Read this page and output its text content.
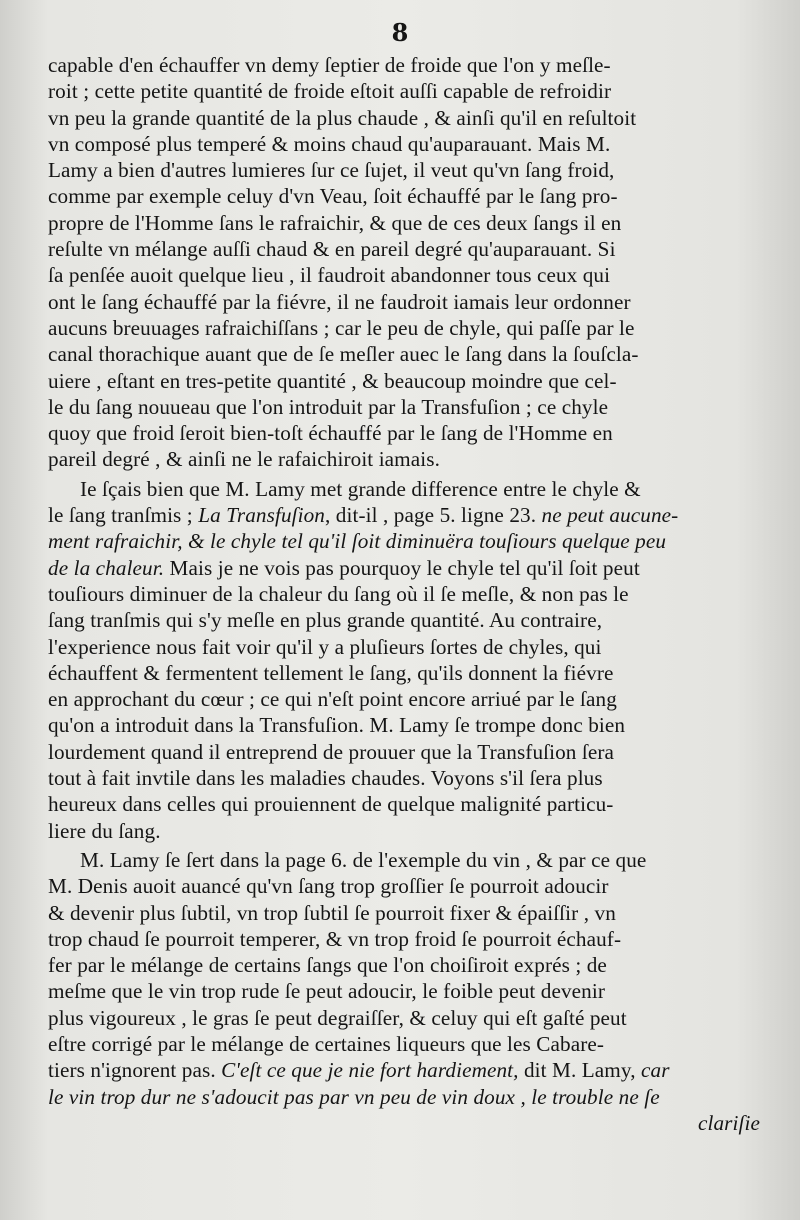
8
capable d'en échauffer vn demy ſeptier de froide que l'on y meſle-
roit ; cette petite quantité de froide eſtoit auſſi capable de refroidir
vn peu la grande quantité de la plus chaude , & ainſi qu'il en reſultoit
vn composé plus temperé & moins chaud qu'auparauant. Mais M.
Lamy a bien d'autres lumieres ſur ce ſujet, il veut qu'vn ſang froid,
comme par exemple celuy d'vn Veau, ſoit échauffé par le ſang pro-
propre de l'Homme ſans le rafraichir, & que de ces deux ſangs il en
reſulte vn mélange auſſi chaud & en pareil degré qu'auparauant. Si
ſa penſée auoit quelque lieu , il faudroit abandonner tous ceux qui
ont le ſang échauffé par la fiévre, il ne faudroit iamais leur ordonner
aucuns breuuages rafraichiſſans ; car le peu de chyle, qui paſſe par le
canal thorachique auant que de ſe meſler auec le ſang dans la ſouſcla-
uiere , eſtant en tres-petite quantité , & beaucoup moindre que cel-
le du ſang nouueau que l'on introduit par la Transfuſion ; ce chyle
quoy que froid ſeroit bien-toſt échauffé par le ſang de l'Homme en
pareil degré , & ainſi ne le rafaichiroit iamais.
Ie ſçais bien que M. Lamy met grande difference entre le chyle &
le ſang tranſmis ; La Transfuſion, dit-il , page 5. ligne 23. ne peut aucune-
ment rafraichir, & le chyle tel qu'il ſoit diminuëra touſiours quelque peu
de la chaleur. Mais je ne vois pas pourquoy le chyle tel qu'il ſoit peut
touſiours diminuer de la chaleur du ſang où il ſe meſle, & non pas le
ſang tranſmis qui s'y meſle en plus grande quantité. Au contraire,
l'experience nous fait voir qu'il y a pluſieurs ſortes de chyles, qui
échauffent & fermentent tellement le ſang, qu'ils donnent la fiévre
en approchant du cœur ; ce qui n'eſt point encore arriué par le ſang
qu'on a introduit dans la Transfuſion. M. Lamy ſe trompe donc bien
lourdement quand il entreprend de prouuer que la Transfuſion ſera
tout à fait invtile dans les maladies chaudes. Voyons s'il ſera plus
heureux dans celles qui prouiennent de quelque malignité particu-
liere du ſang.
M. Lamy ſe ſert dans la page 6. de l'exemple du vin , & par ce que
M. Denis auoit auancé qu'vn ſang trop groſſier ſe pourroit adoucir
& devenir plus ſubtil, vn trop ſubtil ſe pourroit fixer & épaiſſir , vn
trop chaud ſe pourroit temperer, & vn trop froid ſe pourroit échauf-
fer par le mélange de certains ſangs que l'on choiſiroit exprés ; de
meſme que le vin trop rude ſe peut adoucir, le foible peut devenir
plus vigoureux , le gras ſe peut degraiſſer, & celuy qui eſt gaſté peut
eſtre corrigé par le mélange de certaines liqueurs que les Cabare-
tiers n'ignorent pas. C'eſt ce que je nie fort hardiement, dit M. Lamy, car
le vin trop dur ne s'adoucit pas par vn peu de vin doux , le trouble ne ſe
clariſie
